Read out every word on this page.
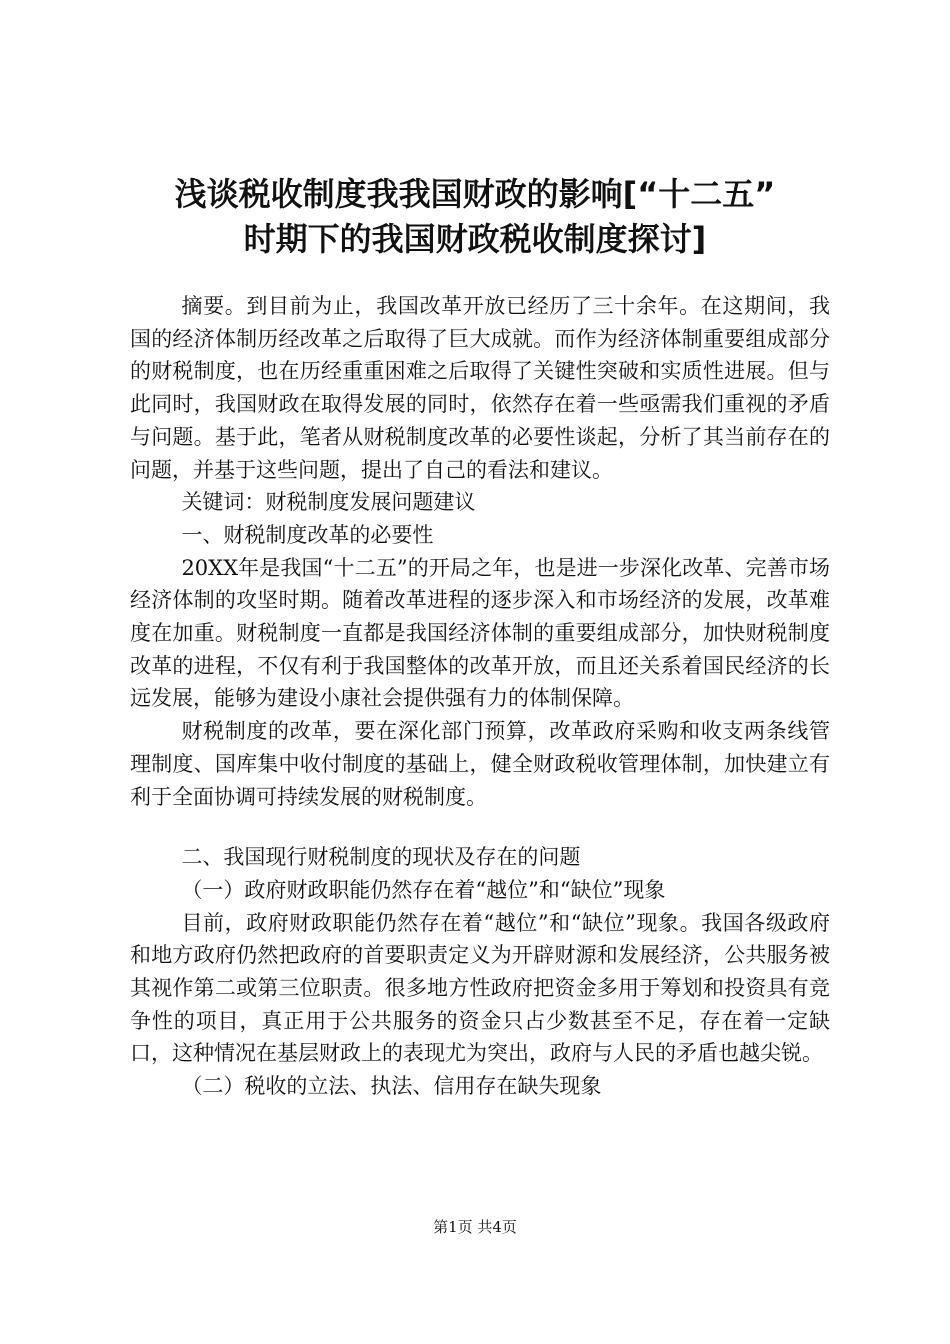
浅谈税收制度我我国财政的影响[“十二五”
时期下的我国财政税收制度探讨]

摘要。到目前为止，我国改革开放已经历了三十余年。在这期间，我国的经济体制历经改革之后取得了巨大成就。而作为经济体制重要组成部分的财税制度，也在历经重重困难之后取得了关键性突破和实质性进展。但与此同时，我国财政在取得发展的同时，依然存在着一些亟需我们重视的矛盾与问题。基于此，笔者从财税制度改革的必要性谈起，分析了其当前存在的问题，并基于这些问题，提出了自己的看法和建议。

关键词：财税制度发展问题建议

一、财税制度改革的必要性

20XX年是我国“十二五”的开局之年，也是进一步深化改革、完善市场经济体制的攻坚时期。随着改革进程的逐步深入和市场经济的发展，改革难度在加重。财税制度一直都是我国经济体制的重要组成部分，加快财税制度改革的进程，不仅有利于我国整体的改革开放，而且还关系着国民经济的长远发展，能够为建设小康社会提供强有力的体制保障。

财税制度的改革，要在深化部门预算，改革政府采购和收支两条线管理制度、国库集中收付制度的基础上，健全财政税收管理体制，加快建立有利于全面协调可持续发展的财税制度。

二、我国现行财税制度的现状及存在的问题

（一）政府财政职能仍然存在着“越位”和“缺位”现象

目前，政府财政职能仍然存在着“越位”和“缺位”现象。我国各级政府和地方政府仍然把政府的首要职责定义为开辟财源和发展经济，公共服务被其视作第二或第三位职责。很多地方性政府把资金多用于筹划和投资具有竞争性的项目，真正用于公共服务的资金只占少数甚至不足，存在着一定缺口，这种情况在基层财政上的表现尤为突出，政府与人民的矛盾也越尖锐。

（二）税收的立法、执法、信用存在缺失现象

第1页 共4页
